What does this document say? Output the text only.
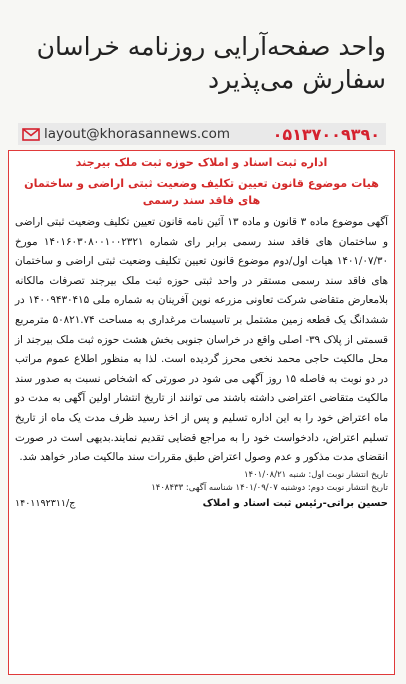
واحد صفحه‌آرایی روزنامه خراسان
سفارش می‌پذیرد
layout@khorasannews.com	۰۵۱۳۷۰۰۹۳۹۰
اداره ثبت اسناد و املاک حوزه ثبت ملک بیرجند
هیات موضوع قانون تعیین تکلیف وضعیت ثبتی اراضی و ساختمان های فاقد سند رسمی
آگهی موضوع ماده ۳ قانون و ماده ۱۳ آئین نامه قانون تعیین تکلیف وضعیت ثبتی اراضی و ساختمان های فاقد سند رسمی برابر رای شماره ۱۴۰۱۶۰۳۰۸۰۰۱۰۰۲۳۲۱ مورخ ۱۴۰۱/۰۷/۳۰ هیات اول/دوم موضوع قانون تعیین تکلیف وضعیت ثبتی اراضی و ساختمان های فاقد سند رسمی مستقر در واحد ثبتی حوزه ثبت ملک بیرجند تصرفات مالکانه بلامعارض متقاضی شرکت تعاونی مزرعه نوین آفرینان به شماره ملی ۱۴۰۰۹۴۳۰۴۱۵ در ششدانگ یک قطعه زمین مشتمل بر تاسیسات مرغداری به مساحت ۵۰۸۲۱.۷۴ مترمربع قسمتی از پلاک ۳۹- اصلی واقع در خراسان جنوبی بخش هشت حوزه ثبت ملک بیرجند از محل مالکیت حاجی محمد نخعی محرز گردیده است. لذا به منظور اطلاع عموم مراتب در دو نوبت به فاصله ۱۵ روز آگهی می شود در صورتی که اشخاص نسبت به صدور سند مالکیت متقاضی اعتراضی داشته باشند می توانند از تاریخ انتشار اولین آگهی به مدت دو ماه اعتراض خود را به این اداره تسلیم و پس از اخذ رسید ظرف مدت یک ماه از تاریخ تسلیم اعتراض، دادخواست خود را به مراجع قضایی تقدیم نمایند.بدیهی است در صورت انقضای مدت مذکور و عدم وصول اعتراض طبق مقررات سند مالکیت صادر خواهد شد.
تاریخ انتشار نوبت اول: شنبه ۱۴۰۱/۰۸/۲۱
تاریخ انتشار نوبت دوم: دوشنبه ۱۴۰۱/۰۹/۰۷ شناسه آگهی: ۱۴۰۸۴۳۳
حسین براتی-رئیس ثبت اسناد و املاک
ج/۱۴۰۱۱۹۲۳۱۱
